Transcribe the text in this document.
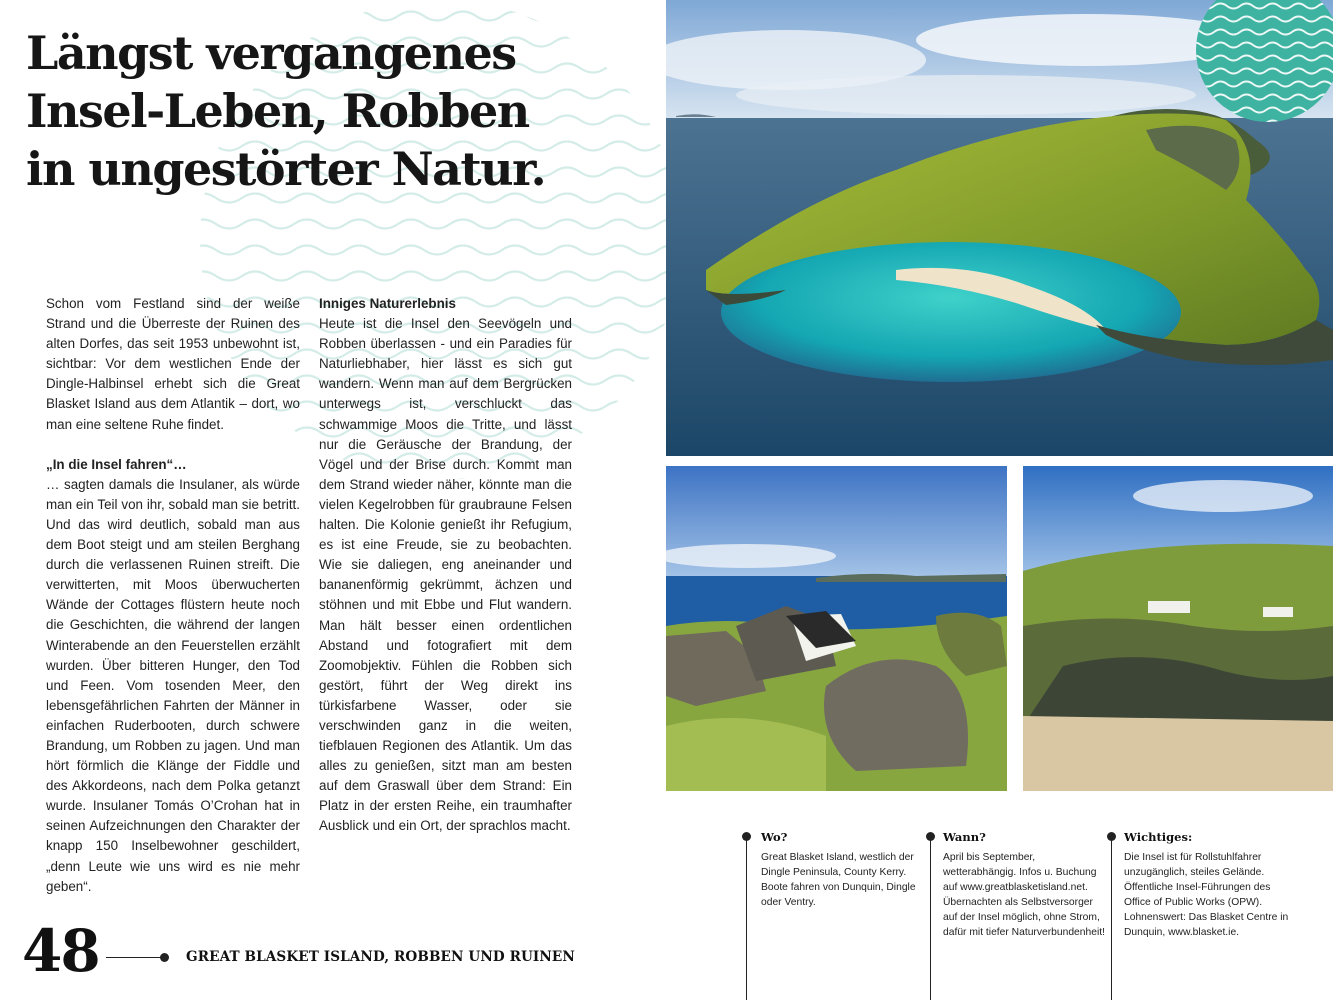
Längst vergangenes
Insel-Leben, Robben
in ungestörter Natur.

Schon vom Festland sind der weiße Strand und die Überreste der Ruinen des alten Dorfes, das seit 1953 unbewohnt ist, sichtbar: Vor dem westlichen Ende der Dingle-Halbinsel erhebt sich die Great Blasket Island aus dem Atlantik – dort, wo man eine seltene Ruhe findet.

„In die Insel fahren“…

… sagten damals die Insulaner, als würde man ein Teil von ihr, sobald man sie betritt. Und das wird deutlich, sobald man aus dem Boot steigt und am steilen Berghang durch die verlassenen Ruinen streift. Die verwitterten, mit Moos überwucherten Wände der Cottages flüstern heute noch die Geschichten, die während der langen Winterabende an den Feuerstellen erzählt wurden. Über bitteren Hunger, den Tod und Feen. Vom tosenden Meer, den lebensgefährlichen Fahrten der Männer in einfachen Ruderbooten, durch schwere Brandung, um Robben zu jagen. Und man hört förmlich die Klänge der Fiddle und des Akkordeons, nach dem Polka getanzt wurde. Insulaner Tomás O’Crohan hat in seinen Aufzeichnungen den Charakter der knapp 150 Inselbewohner geschildert, „denn Leute wie uns wird es nie mehr geben“.

Inniges Naturerlebnis

Heute ist die Insel den Seevögeln und Robben überlassen - und ein Paradies für Naturliebhaber, hier lässt es sich gut wandern. Wenn man auf dem Bergrücken unterwegs ist, verschluckt das schwammige Moos die Tritte, und lässt nur die Geräusche der Brandung, der Vögel und der Brise durch. Kommt man dem Strand wieder näher, könnte man die vielen Kegelrobben für graubraune Felsen halten. Die Kolonie genießt ihr Refugium, es ist eine Freude, sie zu beobachten. Wie sie daliegen, eng aneinander und bananenförmig gekrümmt, ächzen und stöhnen und mit Ebbe und Flut wandern. Man hält besser einen ordentlichen Abstand und fotografiert mit dem Zoomobjektiv. Fühlen die Robben sich gestört, führt der Weg direkt ins türkisfarbene Wasser, oder sie verschwinden ganz in die weiten, tiefblauen Regionen des Atlantik. Um das alles zu genießen, sitzt man am besten auf dem Graswall über dem Strand: Ein Platz in der ersten Reihe, ein traumhafter Ausblick und ein Ort, der sprachlos macht.

Wo?

Great Blasket Island, westlich der Dingle Peninsula, County Kerry. Boote fahren von Dunquin, Dingle oder Ventry.

Wann?

April bis September, wetterabhängig. Infos u. Buchung auf www.greatblasketisland.net. Übernachten als Selbstversorger auf der Insel möglich, ohne Strom, dafür mit tiefer Naturverbundenheit!

Wichtiges:

Die Insel ist für Rollstuhlfahrer unzugänglich, steiles Gelände. Öffentliche Insel-Führungen des Office of Public Works (OPW). Lohnenswert: Das Blasket Centre in Dunquin, www.blasket.ie.

48	GREAT BLASKET ISLAND, ROBBEN UND RUINEN
